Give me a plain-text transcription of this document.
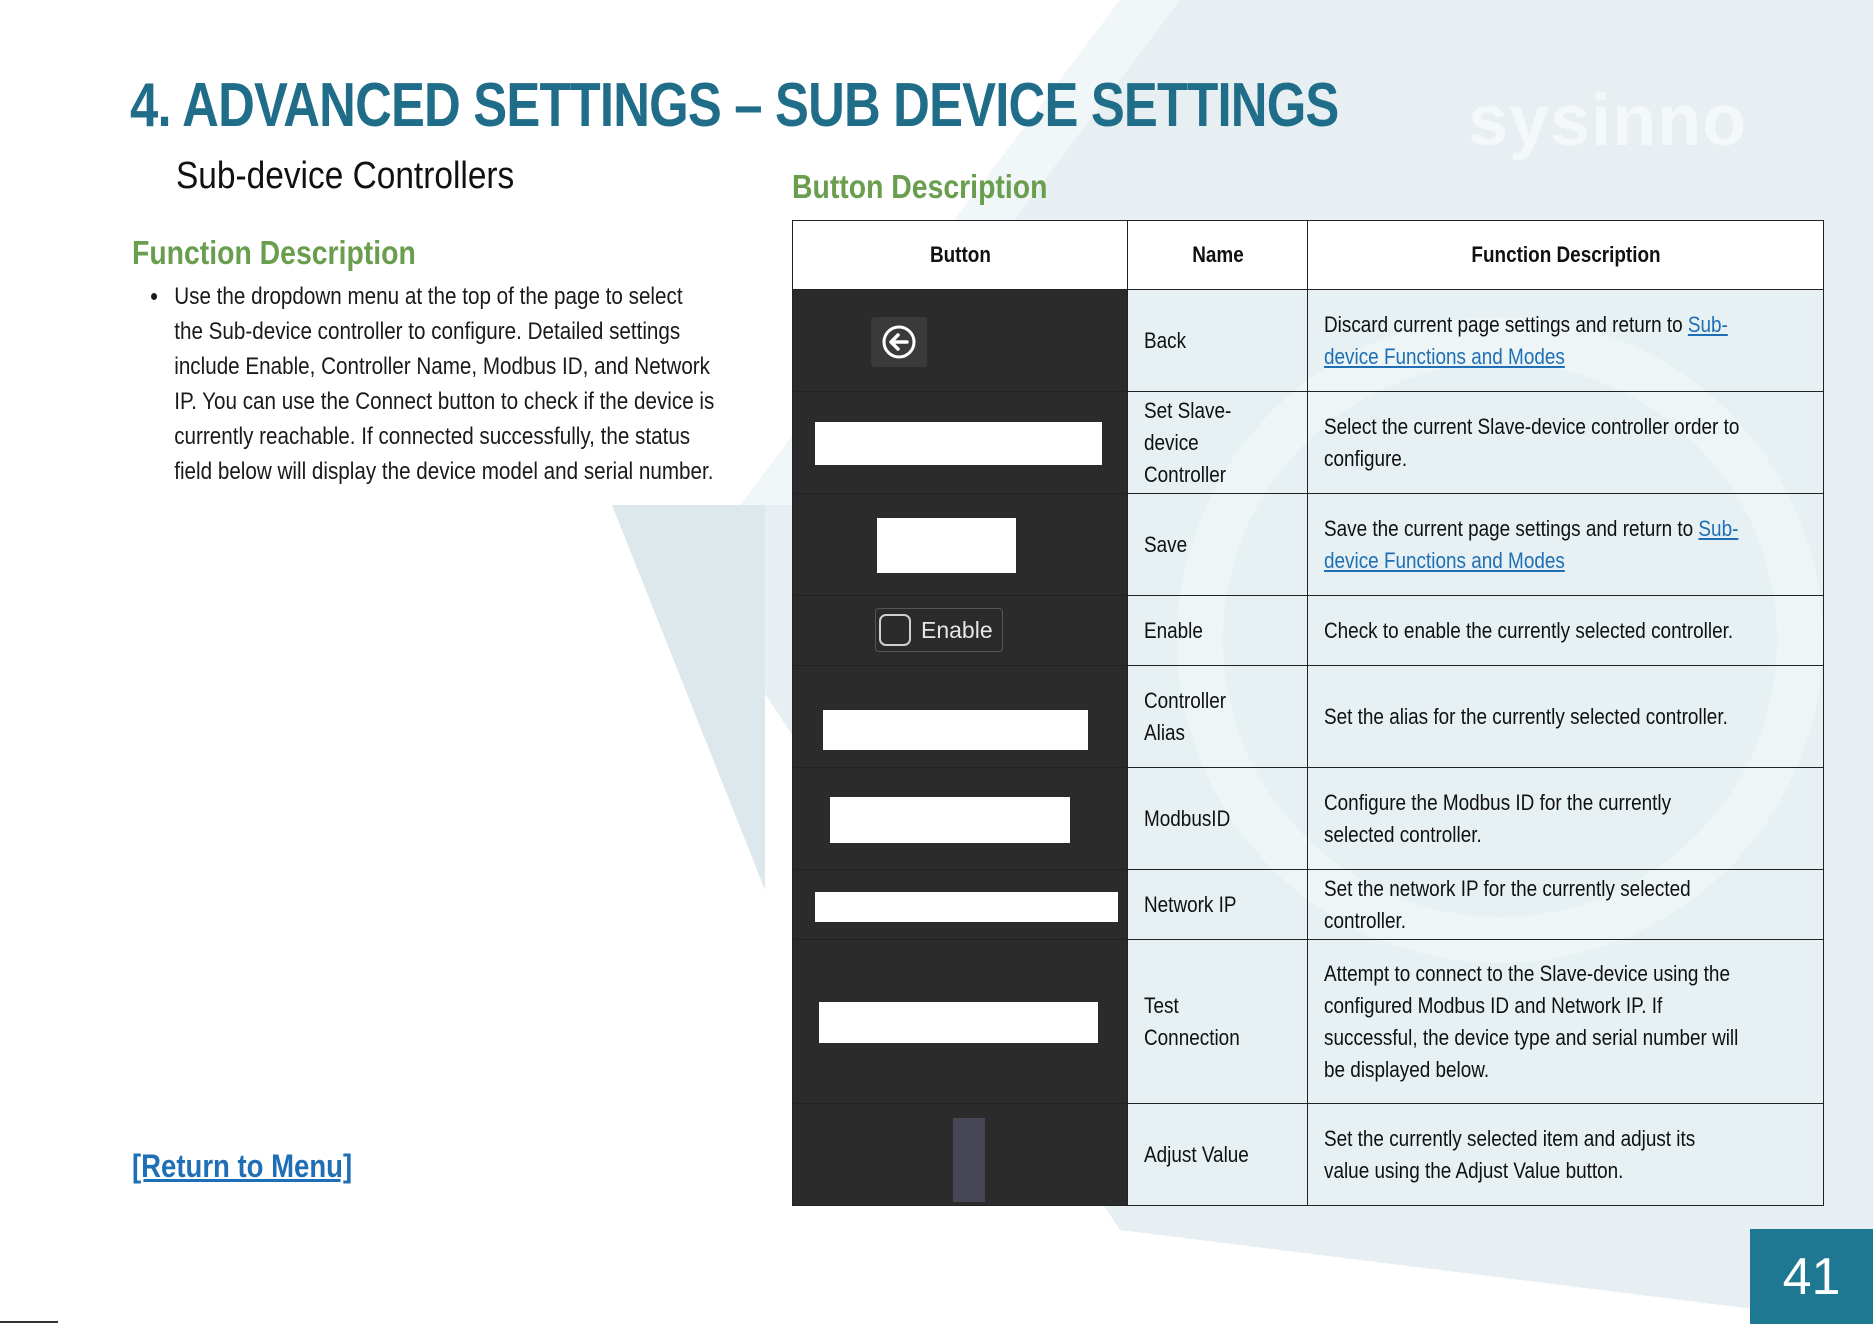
sysinno
4. ADVANCED SETTINGS – SUB DEVICE SETTINGS
Sub-device Controllers
Function Description
• Use the dropdown menu at the top of the page to select the Sub-device controller to configure. Detailed settings include Enable, Controller Name, Modbus ID, and Network IP. You can use the Connect button to check if the device is currently reachable. If connected successfully, the status field below will display the device model and serial number.
[Return to Menu]
Button Description
Button	Name	Function Description

	Back	Discard current page settings and return to Sub-device Functions and Modes

	Set Slave-device Controller	Select the current Slave-device controller order to configure.

	Save	Save the current page settings and return to Sub-device Functions and Modes

Enable	Enable	Check to enable the currently selected controller.

	Controller Alias	Set the alias for the currently selected controller.

	ModbusID	Configure the Modbus ID for the currently selected controller.

	Network IP	Set the network IP for the currently selected controller.

	Test Connection	Attempt to connect to the Slave-device using the configured Modbus ID and Network IP. If successful, the device type and serial number will be displayed below.

	Adjust Value	Set the currently selected item and adjust its value using the Adjust Value button.
41
